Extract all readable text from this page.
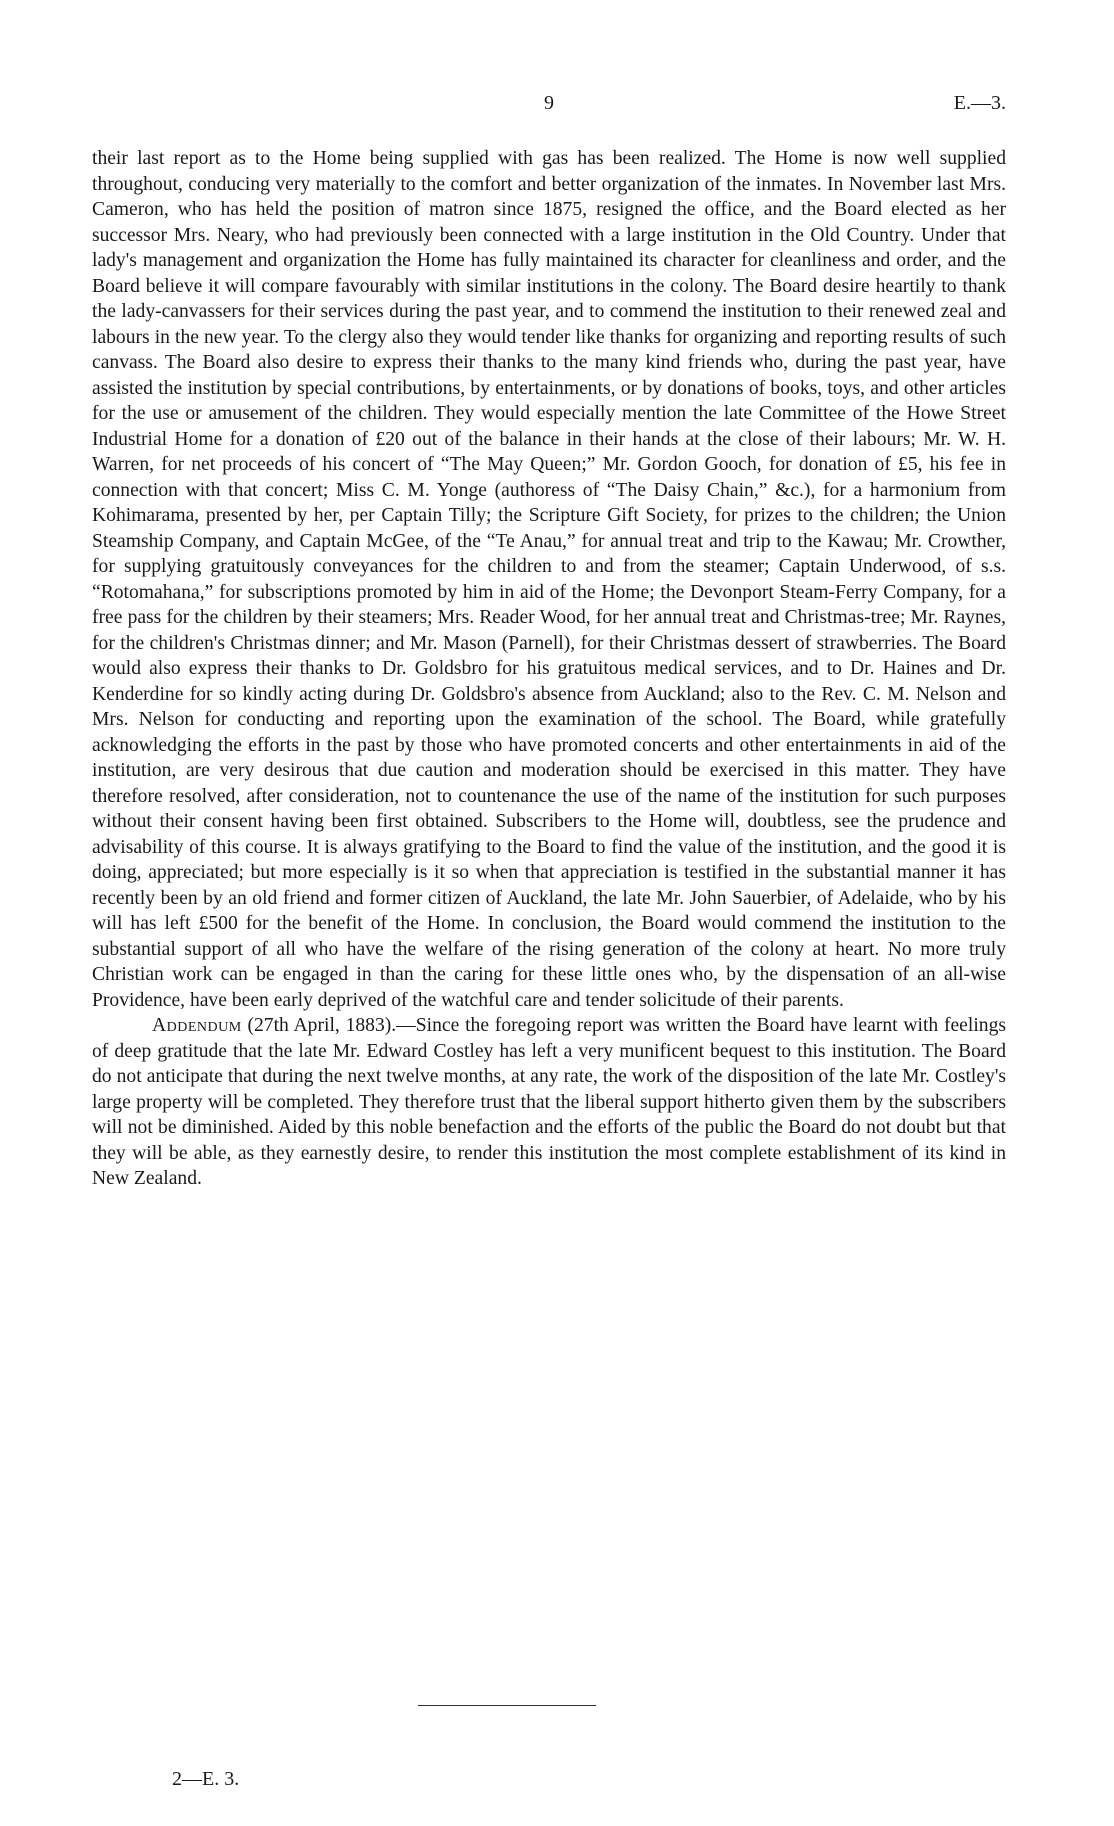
9	E.—3.

their last report as to the Home being supplied with gas has been realized. The Home is now well supplied throughout, conducing very materially to the comfort and better organization of the inmates. In November last Mrs. Cameron, who has held the position of matron since 1875, resigned the office, and the Board elected as her successor Mrs. Neary, who had previously been connected with a large institution in the Old Country. Under that lady's management and organization the Home has fully maintained its character for cleanliness and order, and the Board believe it will compare favourably with similar institutions in the colony. The Board desire heartily to thank the lady-canvassers for their services during the past year, and to commend the institution to their renewed zeal and labours in the new year. To the clergy also they would tender like thanks for organizing and reporting results of such canvass. The Board also desire to express their thanks to the many kind friends who, during the past year, have assisted the institution by special contributions, by entertainments, or by donations of books, toys, and other articles for the use or amusement of the children. They would especially mention the late Committee of the Howe Street Industrial Home for a donation of £20 out of the balance in their hands at the close of their labours; Mr. W. H. Warren, for net proceeds of his concert of “The May Queen;” Mr. Gordon Gooch, for donation of £5, his fee in connection with that concert; Miss C. M. Yonge (authoress of “The Daisy Chain,” &c.), for a harmonium from Kohimarama, presented by her, per Captain Tilly; the Scripture Gift Society, for prizes to the children; the Union Steamship Company, and Captain McGee, of the “Te Anau,” for annual treat and trip to the Kawau; Mr. Crowther, for supplying gratuitously conveyances for the children to and from the steamer; Captain Underwood, of s.s. “Rotomahana,” for subscriptions promoted by him in aid of the Home; the Devonport Steam-Ferry Company, for a free pass for the children by their steamers; Mrs. Reader Wood, for her annual treat and Christmas-tree; Mr. Raynes, for the children's Christmas dinner; and Mr. Mason (Parnell), for their Christmas dessert of strawberries. The Board would also express their thanks to Dr. Goldsbro for his gratuitous medical services, and to Dr. Haines and Dr. Kenderdine for so kindly acting during Dr. Goldsbro's absence from Auckland; also to the Rev. C. M. Nelson and Mrs. Nelson for conducting and reporting upon the examination of the school. The Board, while gratefully acknowledging the efforts in the past by those who have promoted concerts and other entertainments in aid of the institution, are very desirous that due caution and moderation should be exercised in this matter. They have therefore resolved, after consideration, not to countenance the use of the name of the institution for such purposes without their consent having been first obtained. Subscribers to the Home will, doubtless, see the prudence and advisability of this course. It is always gratifying to the Board to find the value of the institution, and the good it is doing, appreciated; but more especially is it so when that appreciation is testified in the substantial manner it has recently been by an old friend and former citizen of Auckland, the late Mr. John Sauerbier, of Adelaide, who by his will has left £500 for the benefit of the Home. In conclusion, the Board would commend the institution to the substantial support of all who have the welfare of the rising generation of the colony at heart. No more truly Christian work can be engaged in than the caring for these little ones who, by the dispensation of an all-wise Providence, have been early deprived of the watchful care and tender solicitude of their parents.

Addendum (27th April, 1883).—Since the foregoing report was written the Board have learnt with feelings of deep gratitude that the late Mr. Edward Costley has left a very munificent bequest to this institution. The Board do not anticipate that during the next twelve months, at any rate, the work of the disposition of the late Mr. Costley's large property will be completed. They therefore trust that the liberal support hitherto given them by the subscribers will not be diminished. Aided by this noble benefaction and the efforts of the public the Board do not doubt but that they will be able, as they earnestly desire, to render this institution the most complete establishment of its kind in New Zealand.

2—E. 3.
